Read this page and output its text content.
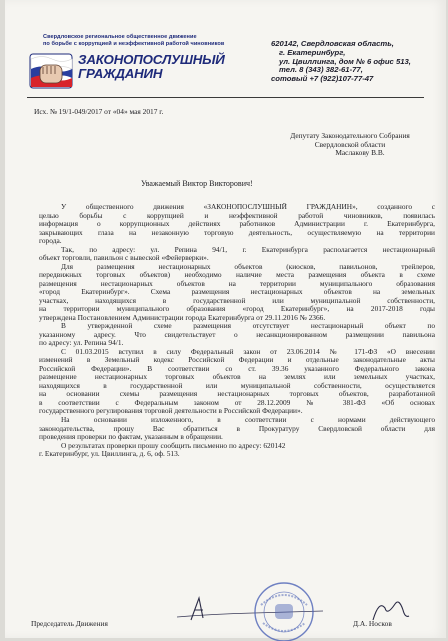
Свердловское региональное общественное движение
по борьбе с коррупцией и неэффективной работой чиновников
ЗАКОНОПОСЛУШНЫЙ
ГРАЖДАНИН
620142, Свердловская область,
г. Екатеринбург,
ул. Цвиллинга, дом № 6 офис 513,
тел. 8 (343) 382-61-77,
сотовый +7 (922)107-77-47
Исх. № 19/1-049/2017 от «04» мая 2017 г.
Депутату Законодательного Собрания
Свердловской области
Маслакову В.В.
Уважаемый Виктор Викторович!
У общественного движения «ЗАКОНОПОСЛУШНЫЙ ГРАЖДАНИН», созданного с
целью борьбы с коррупцией и неэффективной работой чиновников, появилась
информация о коррупционных действиях работников Администрации г. Екатеринбурга,
закрывающих глаза на незаконную торговую деятельность, осуществляемую на территории
города.
Так, по адресу: ул. Репина 94/1, г. Екатеринбурга располагается нестационарный
объект торговли, павильон с вывеской «Фейерверки».
Для размещения нестационарных объектов (киосков, павильонов, трейлеров,
передвижных торговых объектов) необходимо наличие места размещения объекта в схеме
размещения нестационарных объектов на территории муниципального образования
«город Екатеринбург». Схема размещения нестационарных объектов на земельных
участках, находящихся в государственной или муниципальной собственности,
на территории муниципального образования «город Екатеринбург», на 2017-2018 годы
утверждена Постановлением Администрации города Екатеринбурга от 29.11.2016 № 2366.
В утвержденной схеме размещения отсутствует нестационарный объект по
указанному адресу. Что свидетельствует о несанкционированном размещении павильона
по адресу: ул. Репина 94/1.
С 01.03.2015 вступил в силу Федеральный закон от 23.06.2014 № 171-ФЗ «О внесении
изменений в Земельный кодекс Российской Федерации и отдельные законодательные акты
Российской Федерации». В соответствии со ст. 39.36 указанного Федерального закона
размещение нестационарных торговых объектов на землях или земельных участках,
находящихся в государственной или муниципальной собственности, осуществляется
на основании схемы размещения нестационарных торговых объектов, разработанной
в соответствии с Федеральным законом от 28.12.2009 № 381-ФЗ «Об основах
государственного регулирования торговой деятельности в Российской Федерации».
На основании изложенного, в соответствии с нормами действующего
законодательства, прошу Вас обратиться в Прокуратуру Свердловской области для
проведения проверки по фактам, указанным в обращении.
О результатах проверки прошу сообщить письменно по адресу: 620142
г. Екатеринбург, ул. Цвиллинга, д. 6, оф. 513.
Председатель Движения	Д.А. Носков
